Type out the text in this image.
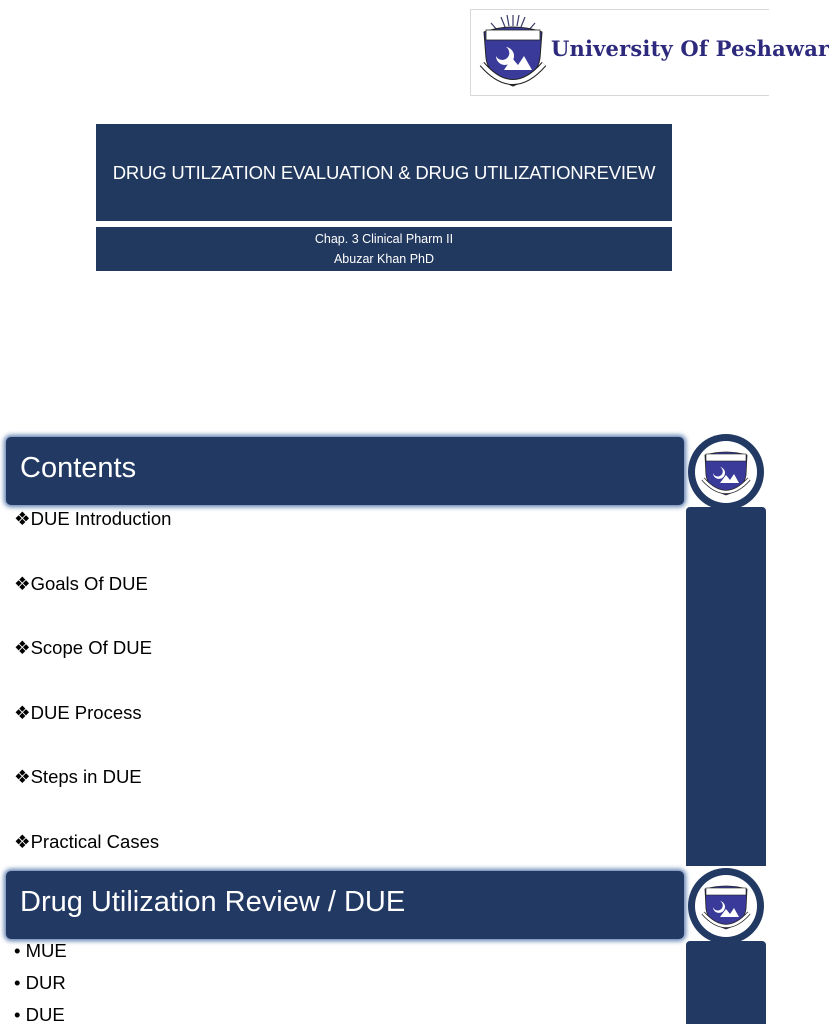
University Of Peshawar
DRUG UTILZATION EVALUATION & DRUG UTILIZATIONREVIEW
Chap. 3 Clinical Pharm II
Abuzar Khan PhD
Contents
❖DUE Introduction
❖Goals Of DUE
❖Scope Of DUE
❖DUE Process
❖Steps in DUE
❖Practical Cases
Drug Utilization Review / DUE
• MUE
• DUR
• DUE
